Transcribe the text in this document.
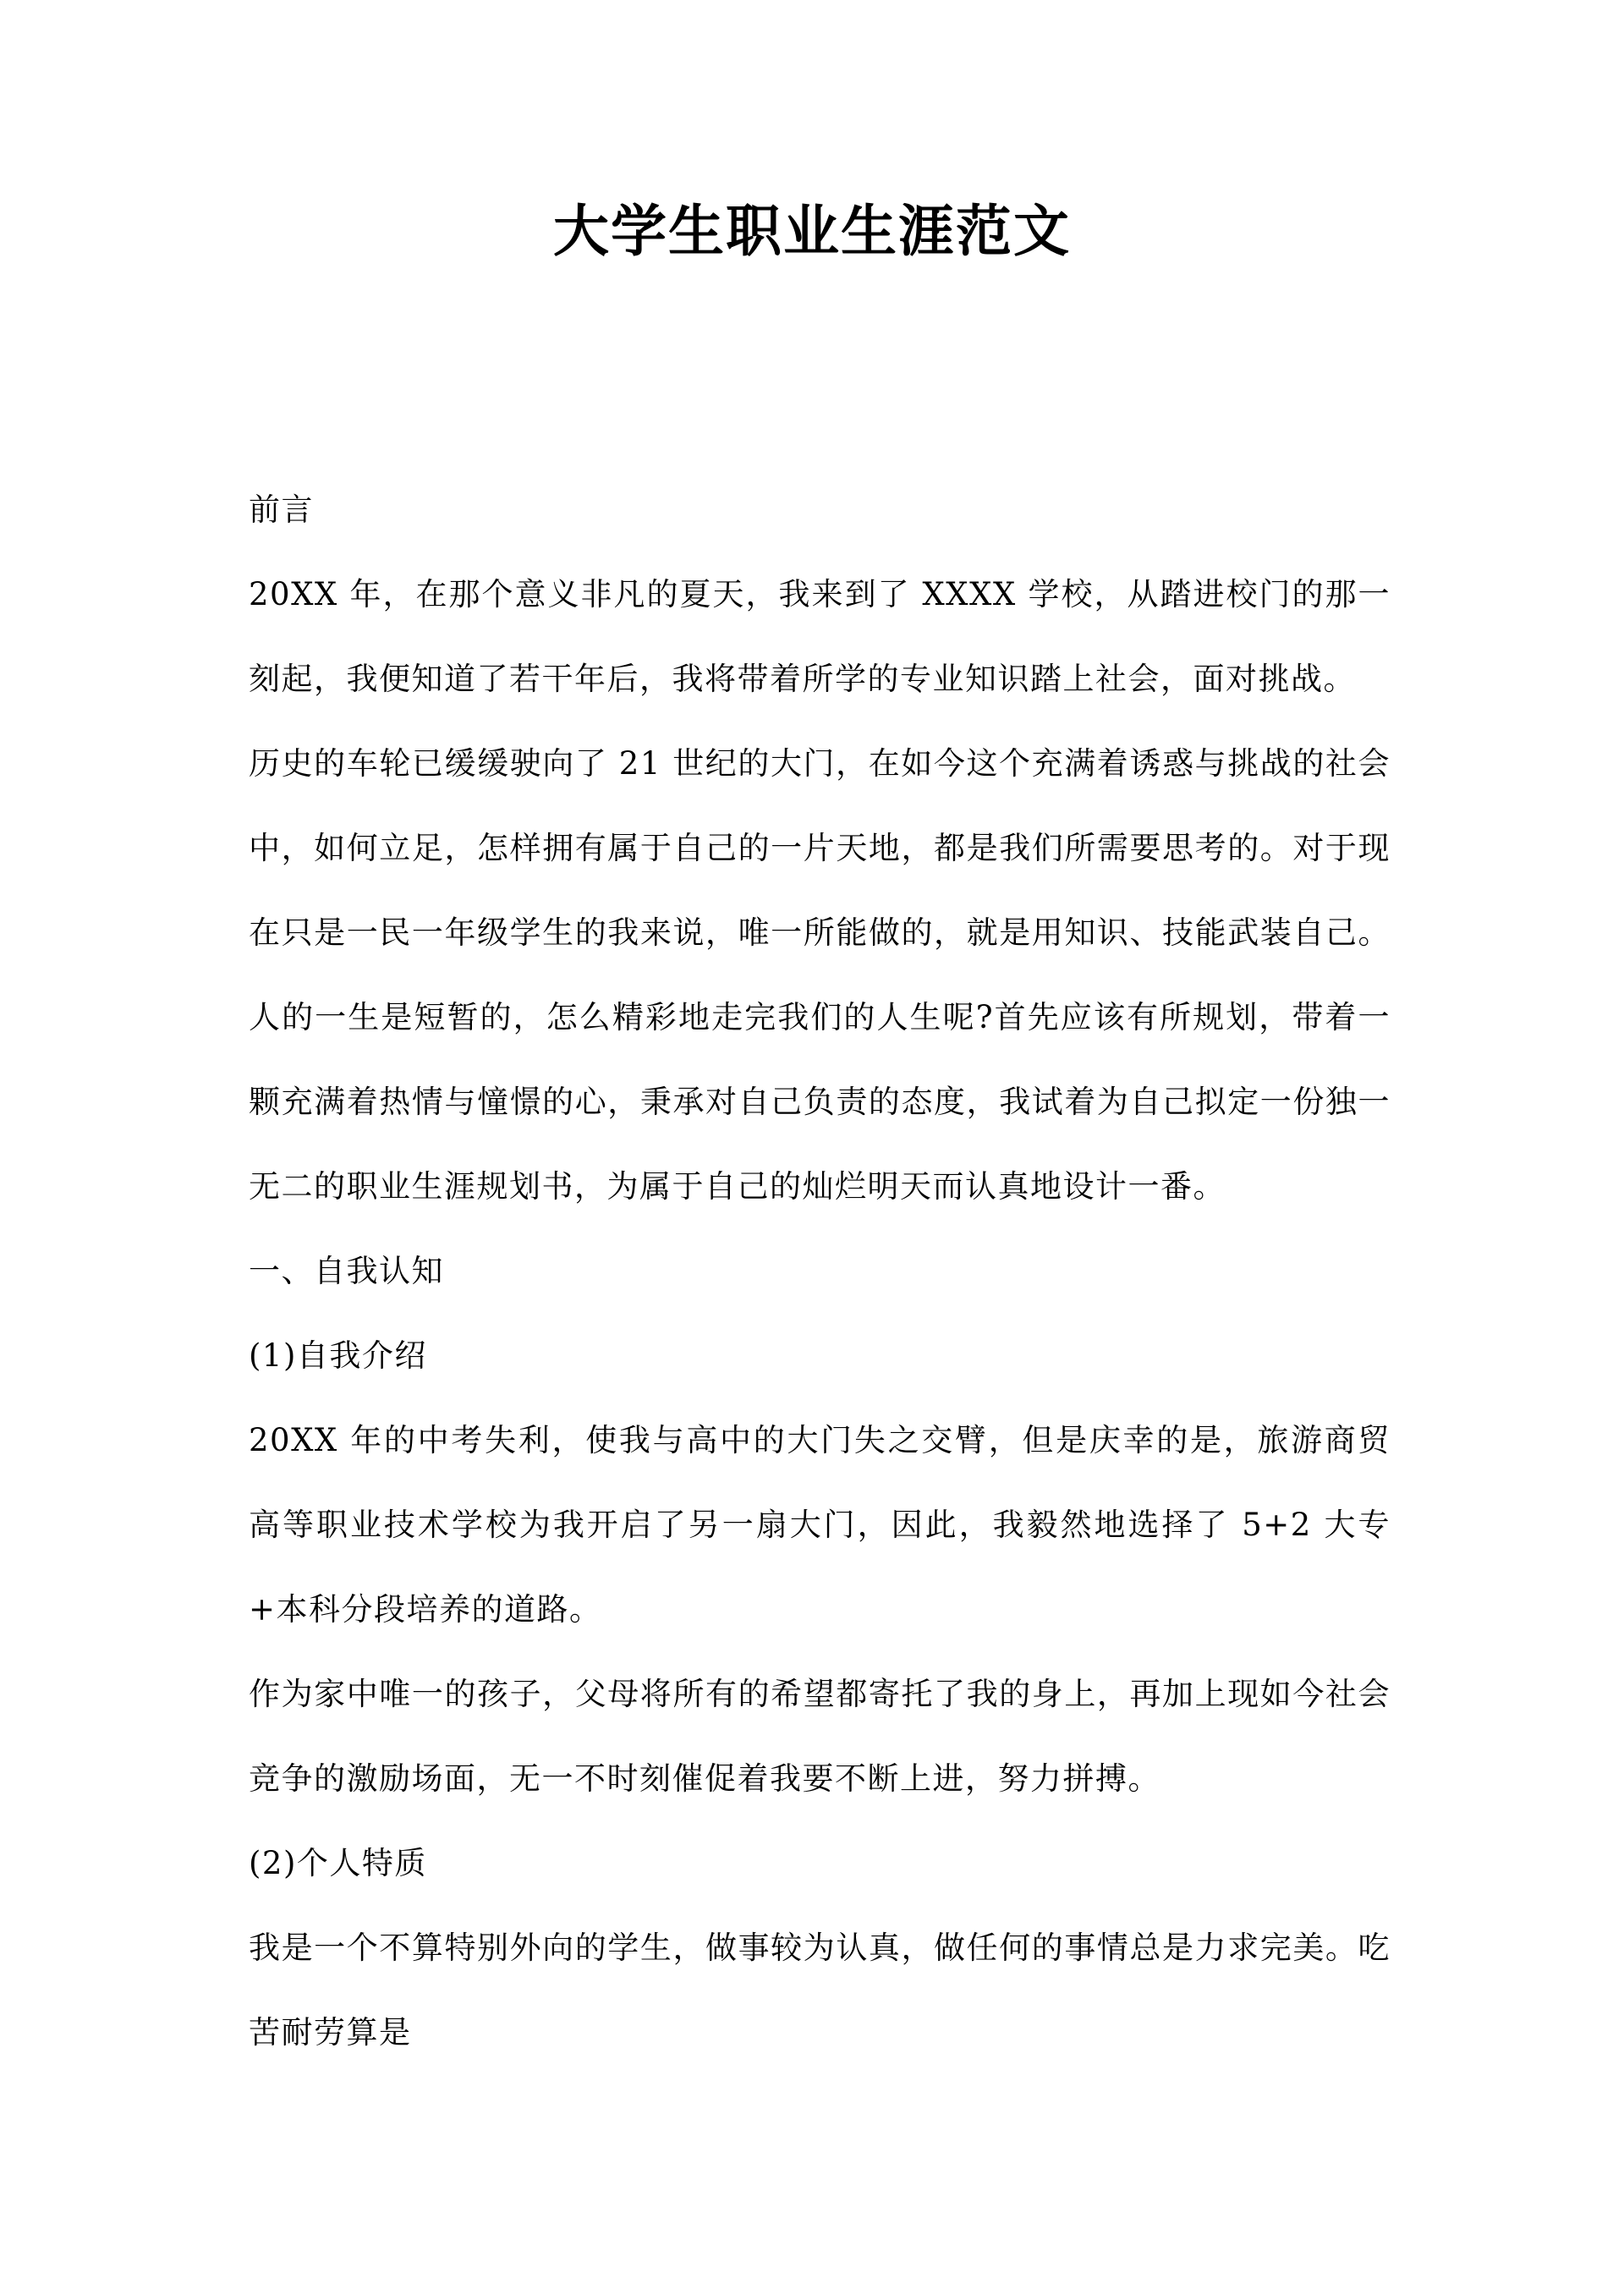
大学生职业生涯范文

前言

20XX 年，在那个意义非凡的夏天，我来到了 XXXX 学校，从踏进校门的那一刻起，我便知道了若干年后，我将带着所学的专业知识踏上社会，面对挑战。

历史的车轮已缓缓驶向了 21 世纪的大门，在如今这个充满着诱惑与挑战的社会中，如何立足，怎样拥有属于自己的一片天地，都是我们所需要思考的。对于现在只是一民一年级学生的我来说，唯一所能做的，就是用知识、技能武装自己。人的一生是短暂的，怎么精彩地走完我们的人生呢?首先应该有所规划，带着一颗充满着热情与憧憬的心，秉承对自己负责的态度，我试着为自己拟定一份独一无二的职业生涯规划书，为属于自己的灿烂明天而认真地设计一番。

一、自我认知

(1)自我介绍

20XX 年的中考失利，使我与高中的大门失之交臂，但是庆幸的是，旅游商贸高等职业技术学校为我开启了另一扇大门，因此，我毅然地选择了 5+2 大专+本科分段培养的道路。

作为家中唯一的孩子，父母将所有的希望都寄托了我的身上，再加上现如今社会竞争的激励场面，无一不时刻催促着我要不断上进，努力拼搏。

(2)个人特质

我是一个不算特别外向的学生，做事较为认真，做任何的事情总是力求完美。吃苦耐劳算是
